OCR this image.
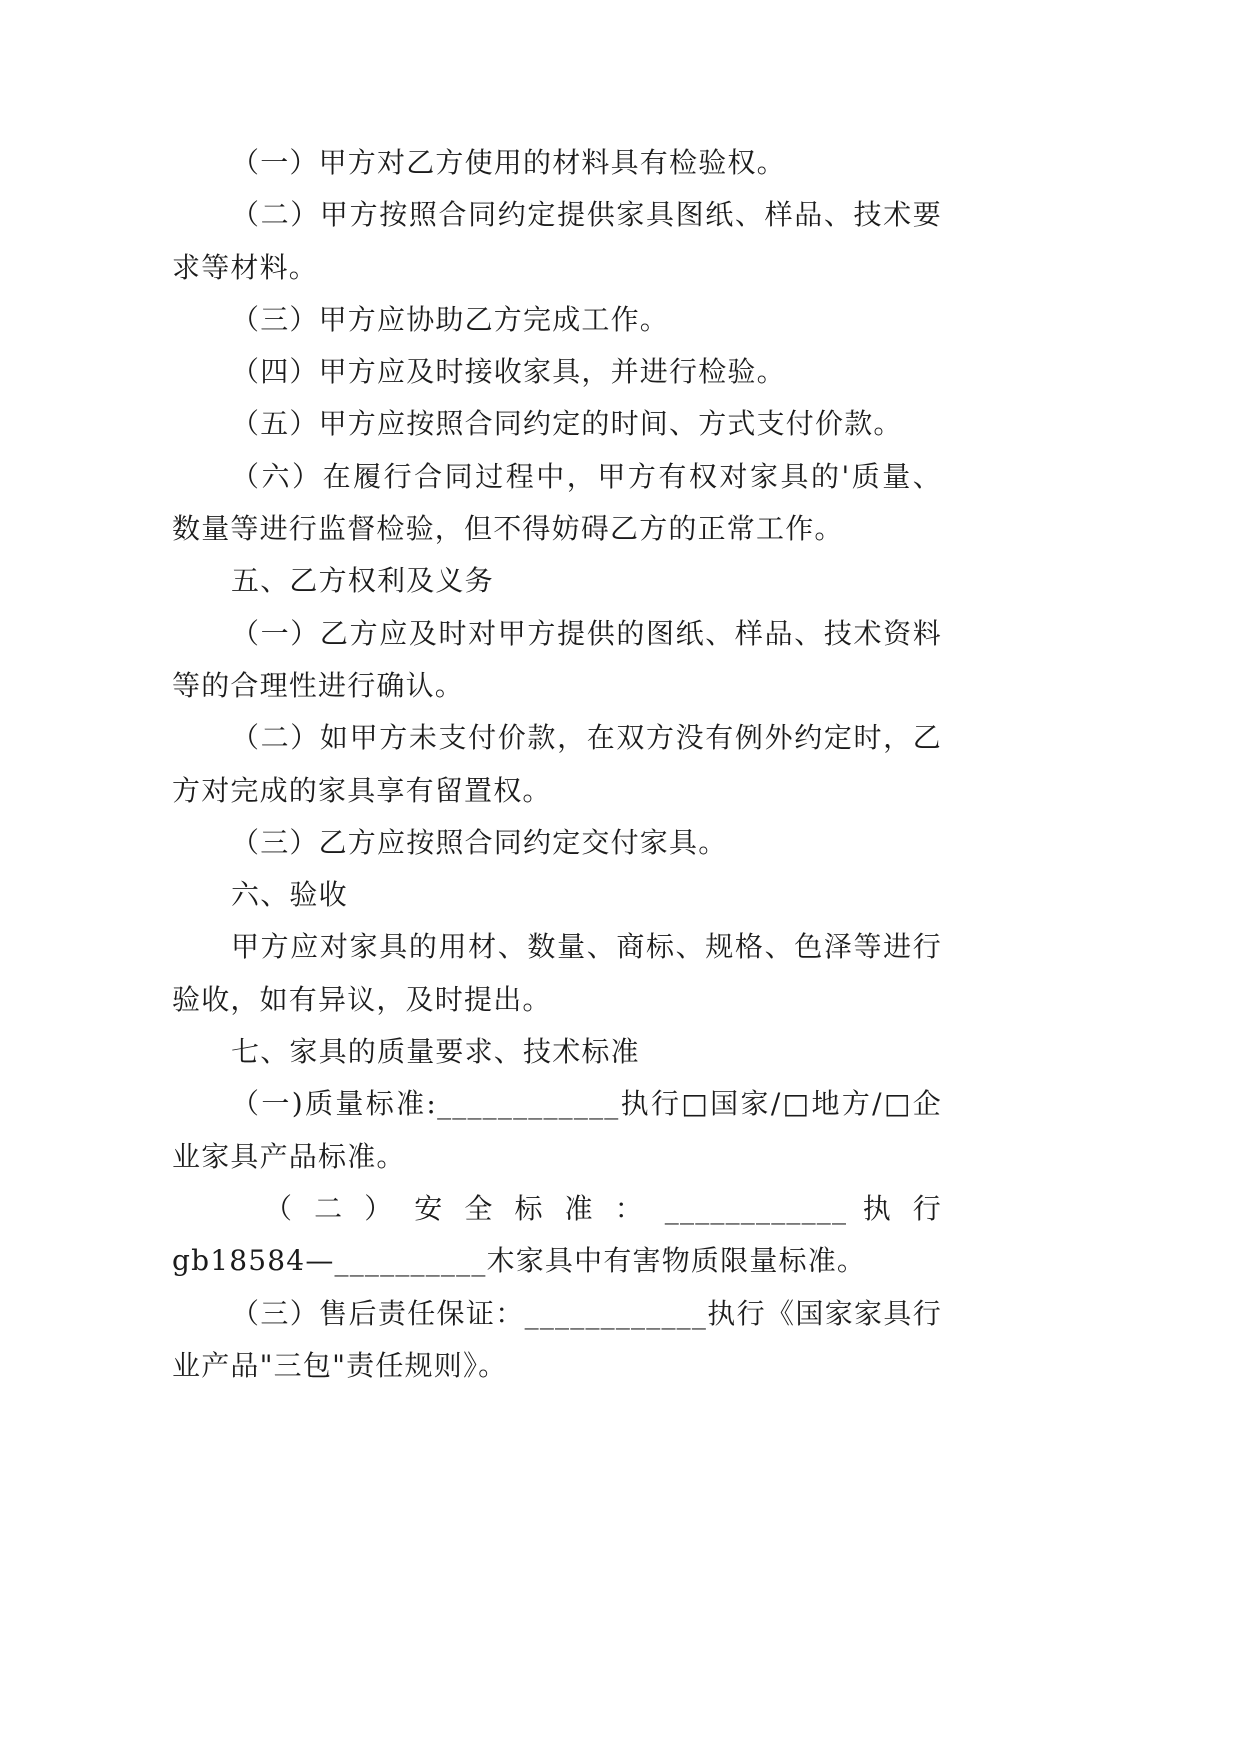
（一）甲方对乙方使用的材料具有检验权。
（二）甲方按照合同约定提供家具图纸、样品、技术要
求等材料。
（三）甲方应协助乙方完成工作。
（四）甲方应及时接收家具，并进行检验。
（五）甲方应按照合同约定的时间、方式支付价款。
（六）在履行合同过程中，甲方有权对家具的'质量、
数量等进行监督检验，但不得妨碍乙方的正常工作。
五、乙方权利及义务
（一）乙方应及时对甲方提供的图纸、样品、技术资料
等的合理性进行确认。
（二）如甲方未支付价款，在双方没有例外约定时，乙
方对完成的家具享有留置权。
（三）乙方应按照合同约定交付家具。
六、验收
甲方应对家具的用材、数量、商标、规格、色泽等进行
验收，如有异议，及时提出。
七、家具的质量要求、技术标准
（一)质量标准:____________执行□国家/□地方/□企
业家具产品标准。
（ 二 ） 安 全 标 准 ： ____________ 执 行
gb18584—__________木家具中有害物质限量标准。
（三）售后责任保证：____________执行《国家家具行
业产品"三包"责任规则》。
